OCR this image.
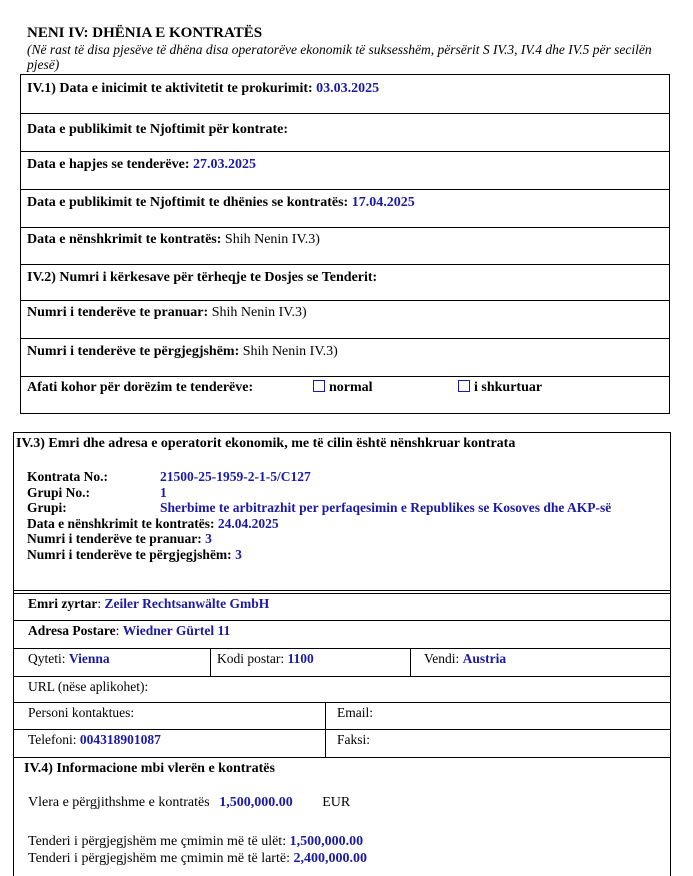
NENI IV: DHËNIA E KONTRATËS
(Në rast të disa pjesëve të dhëna disa operatorëve ekonomik të suksesshëm, përsërit S IV.3, IV.4 dhe IV.5 për secilën pjesë)
IV.1) Data e inicimit te aktivitetit te prokurimit: 03.03.2025
Data e publikimit te Njoftimit për kontrate:
Data e hapjes se tenderëve: 27.03.2025
Data e publikimit te Njoftimit te dhënies se kontratës: 17.04.2025
Data e nënshkrimit te kontratës: Shih Nenin IV.3)
IV.2) Numri i kërkesave për tërheqje te Dosjes se Tenderit:
Numri i tenderëve te pranuar: Shih Nenin IV.3)
Numri i tenderëve te përgjegjshëm: Shih Nenin IV.3)
Afati kohor për dorëzim te tenderëve:	normal	i shkurtuar
IV.3) Emri dhe adresa e operatorit ekonomik, me të cilin është nënshkruar kontrata
Kontrata No.:	21500-25-1959-2-1-5/C127
Grupi No.:	1
Grupi:	Sherbime te arbitrazhit per perfaqesimin e Republikes se Kosoves dhe AKP-së
Data e nënshkrimit te kontratës: 24.04.2025
Numri i tenderëve te pranuar: 3
Numri i tenderëve te përgjegjshëm: 3
Emri zyrtar: Zeiler Rechtsanwälte GmbH
Adresa Postare: Wiedner Gürtel 11
Qyteti: Vienna	Kodi postar: 1100	Vendi: Austria
URL (nëse aplikohet):
Personi kontaktues:	Email:
Telefoni: 004318901087	Faksi:
IV.4) Informacione mbi vlerën e kontratës
Vlera e përgjithshme e kontratës 1,500,000.00 EUR
Tenderi i përgjegjshëm me çmimin më të ulët: 1,500,000.00
Tenderi i përgjegjshëm me çmimin më të lartë: 2,400,000.00
